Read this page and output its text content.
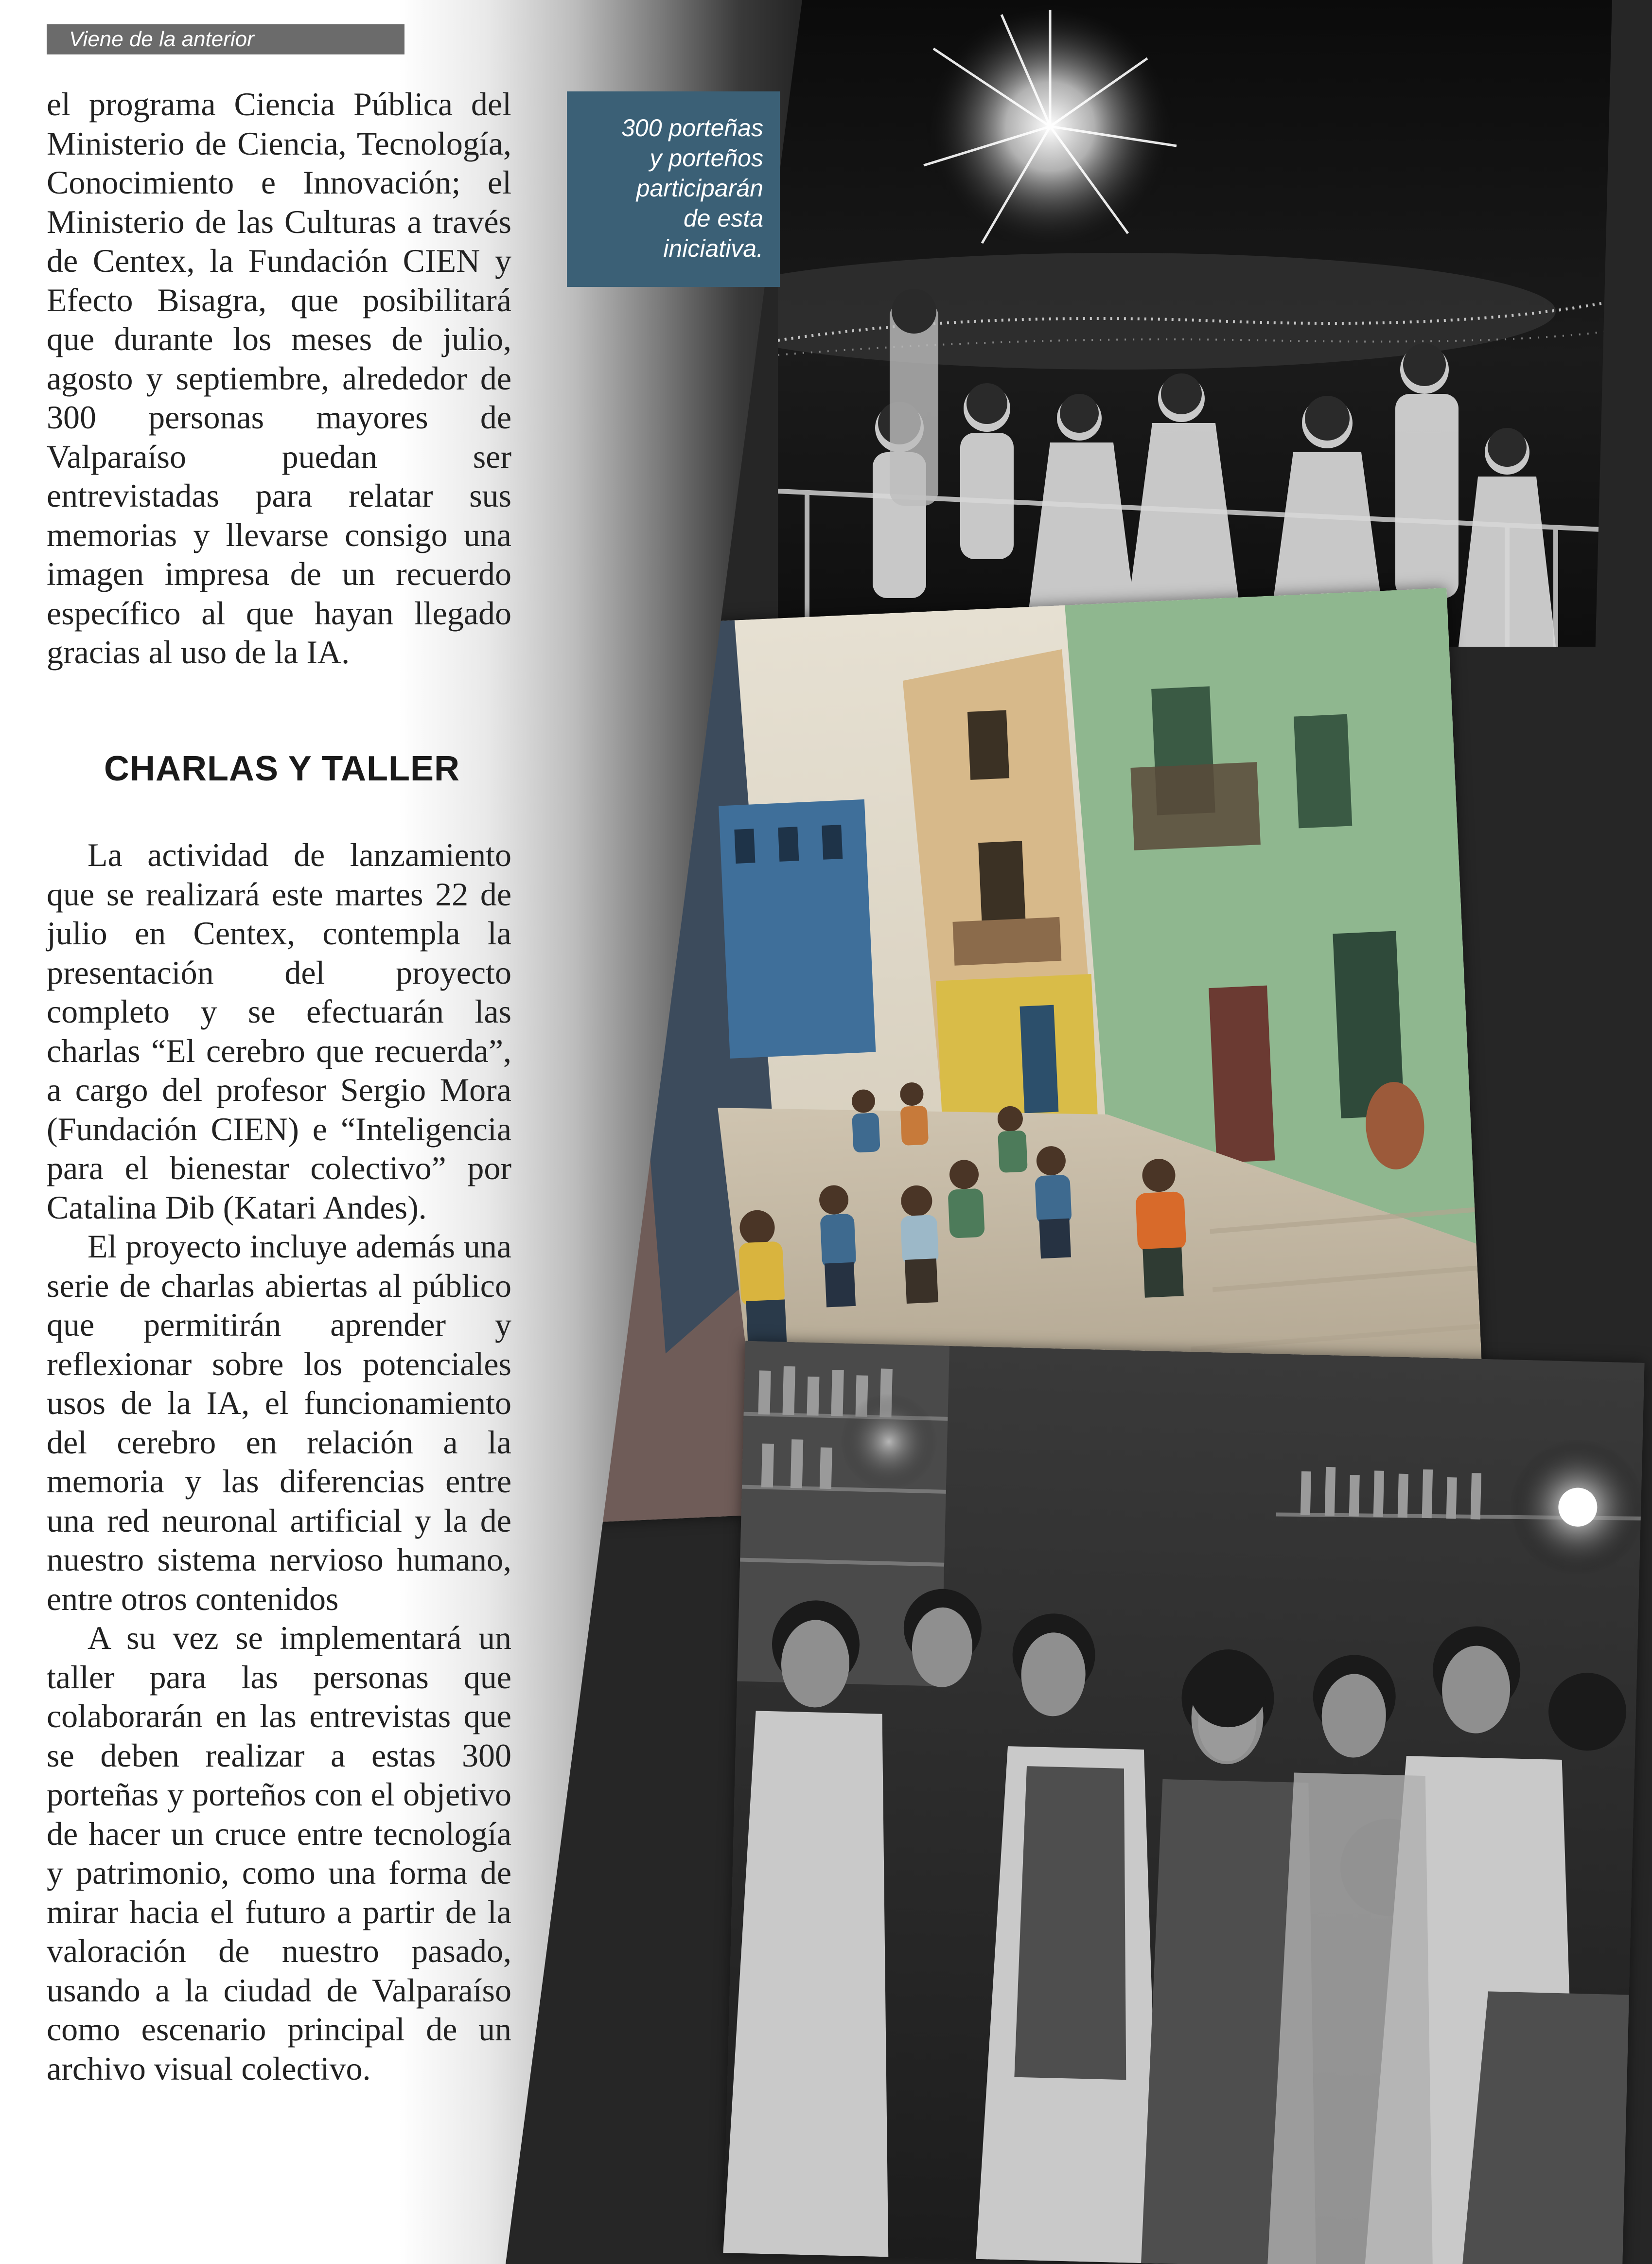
Viene de la anterior

el programa Ciencia Pública del Ministerio de Ciencia, Tecnología, Conocimiento e Innovación; el Ministerio de las Culturas a través de Centex, la Fundación CIEN y Efecto Bisagra, que posibilitará que durante los meses de julio, agosto y septiembre, alrededor de 300 personas mayores de Valparaíso puedan ser entrevistadas para relatar sus memorias y llevarse consigo una imagen impresa de un recuerdo específico al que hayan llegado gracias al uso de la IA.

CHARLAS Y TALLER

La actividad de lanzamiento que se realizará este martes 22 de julio en Centex, contempla la presentación del proyecto completo y se efectuarán las charlas “El cerebro que recuerda”, a cargo del profesor Sergio Mora (Fundación CIEN) e “Inteligencia para el bienestar colectivo” por Catalina Dib (Katari Andes).

El proyecto incluye además una serie de charlas abiertas al público que permitirán aprender y reflexionar sobre los potenciales usos de la IA, el funcionamiento del cerebro en relación a la memoria y las diferencias entre una red neuronal artificial y la de nuestro sistema nervioso humano, entre otros contenidos

A su vez se implementará un taller para las personas que colaborarán en las entrevistas que se deben realizar a estas 300 porteñas y porteños con el objetivo de hacer un cruce entre tecnología y patrimonio, como una forma de mirar hacia el futuro a partir de la valoración de nuestro pasado, usando a la ciudad de Valparaíso como escenario principal de un archivo visual colectivo.

300 porteñas
y porteños
participarán
de esta
iniciativa.
